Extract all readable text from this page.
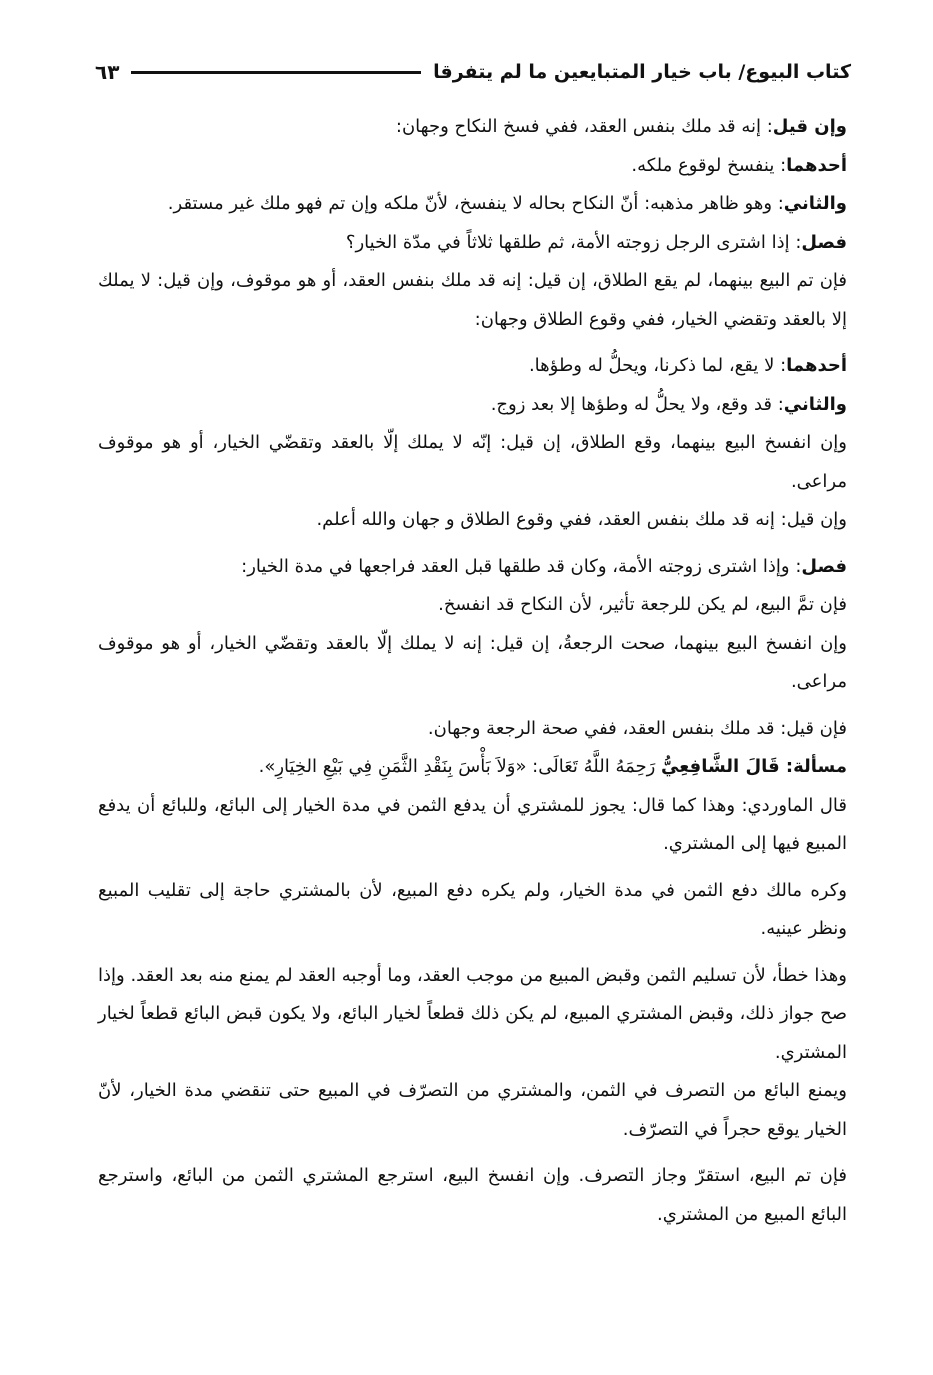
كتاب البيوع/ باب خيار المتبايعين ما لم يتفرقا
٦٣

وإن قيل: إنه قد ملك بنفس العقد، ففي فسخ النكاح وجهان:

أحدهما: ينفسخ لوقوع ملكه.

والثاني: وهو ظاهر مذهبه: أنّ النكاح بحاله لا ينفسخ، لأنّ ملكه وإن تم فهو ملك غير مستقر.

فصل: إذا اشترى الرجل زوجته الأمة، ثم طلقها ثلاثاً في مدّة الخيار؟

فإن تم البيع بينهما، لم يقع الطلاق، إن قيل: إنه قد ملك بنفس العقد، أو هو موقوف، وإن قيل: لا يملك إلا بالعقد وتقضي الخيار، ففي وقوع الطلاق وجهان:

أحدهما: لا يقع، لما ذكرنا، ويحلُّ له وطؤها.

والثاني: قد وقع، ولا يحلُّ له وطؤها إلا بعد زوج.

وإن انفسخ البيع بينهما، وقع الطلاق، إن قيل: إنّه لا يملك إلّا بالعقد وتقضّي الخيار، أو هو موقوف مراعى.

وإن قيل: إنه قد ملك بنفس العقد، ففي وقوع الطلاق و جهان والله أعلم.

فصل: وإذا اشترى زوجته الأمة، وكان قد طلقها قبل العقد فراجعها في مدة الخيار:

فإن تمَّ البيع، لم يكن للرجعة تأثير، لأن النكاح قد انفسخ.

وإن انفسخ البيع بينهما، صحت الرجعةُ، إن قيل: إنه لا يملك إلّا بالعقد وتقضّي الخيار، أو هو موقوف مراعى.

فإن قيل: قد ملك بنفس العقد، ففي صحة الرجعة وجهان.

مسألة: قَالَ الشَّافِعِيُّ رَحِمَهُ اللَّهُ تَعَالَى: «وَلاَ بَأْسَ بِنَقْدِ الثَّمَنِ فِي بَيْعِ الخِيَارِ».

قال الماوردي: وهذا كما قال: يجوز للمشتري أن يدفع الثمن في مدة الخيار إلى البائع، وللبائع أن يدفع المبيع فيها إلى المشتري.

وكره مالك دفع الثمن في مدة الخيار، ولم يكره دفع المبيع، لأن بالمشتري حاجة إلى تقليب المبيع ونظر عينيه.

وهذا خطأ، لأن تسليم الثمن وقبض المبيع من موجب العقد، وما أوجبه العقد لم يمنع منه بعد العقد. وإذا صح جواز ذلك، وقبض المشتري المبيع، لم يكن ذلك قطعاً لخيار البائع، ولا يكون قبض البائع قطعاً لخيار المشتري.

ويمنع البائع من التصرف في الثمن، والمشتري من التصرّف في المبيع حتى تنقضي مدة الخيار، لأنّ الخيار يوقع حجراً في التصرّف.

فإن تم البيع، استقرّ وجاز التصرف. وإن انفسخ البيع، استرجع المشتري الثمن من البائع، واسترجع البائع المبيع من المشتري.
